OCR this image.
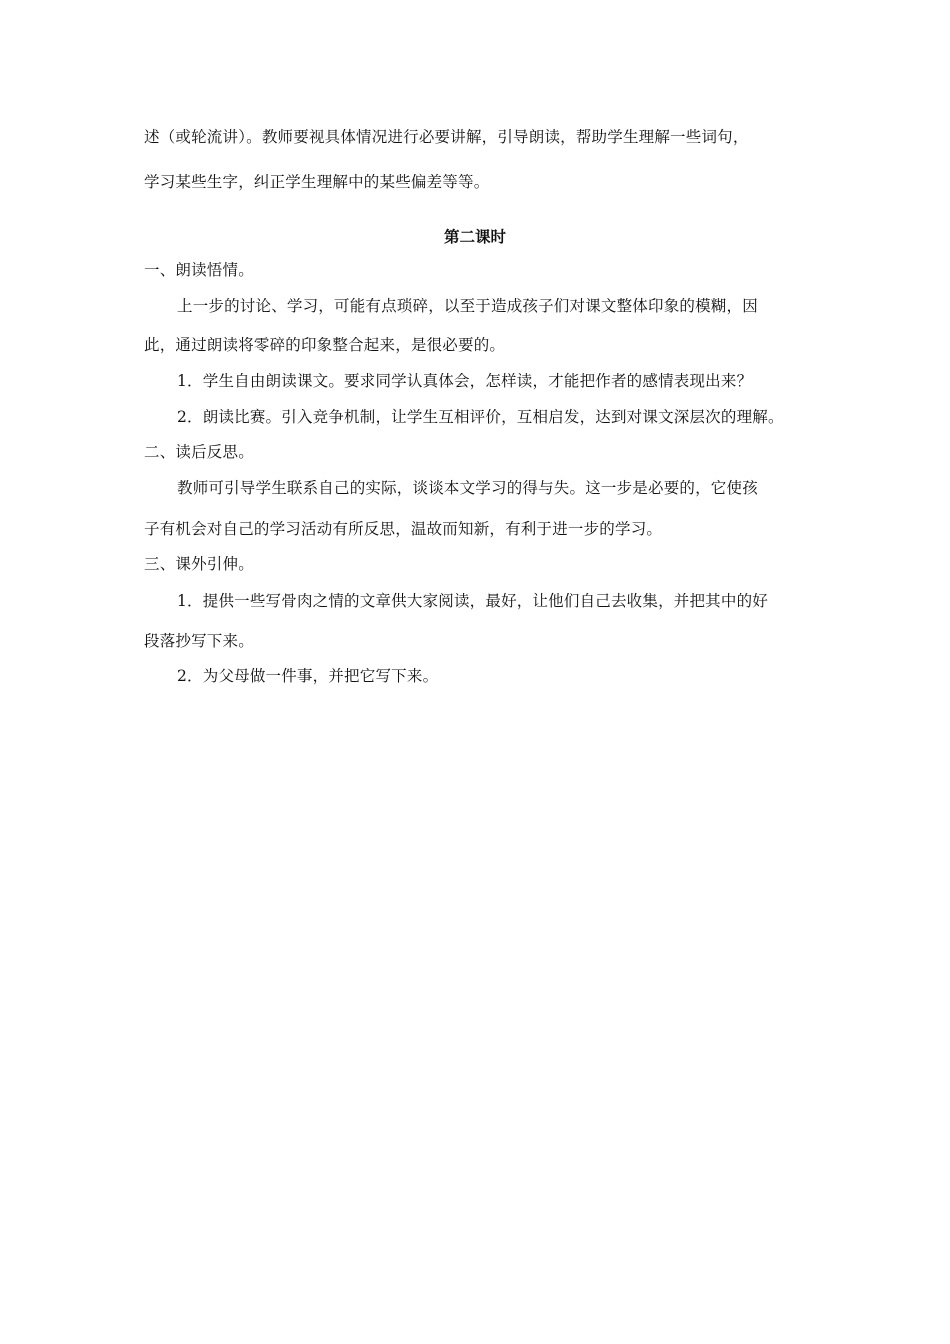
述（或轮流讲）。教师要视具体情况进行必要讲解，引导朗读，帮助学生理解一些词句，
学习某些生字，纠正学生理解中的某些偏差等等。
第二课时
一、朗读悟情。
上一步的讨论、学习，可能有点琐碎，以至于造成孩子们对课文整体印象的模糊，因
此，通过朗读将零碎的印象整合起来，是很必要的。
1．学生自由朗读课文。要求同学认真体会，怎样读，才能把作者的感情表现出来？
2．朗读比赛。引入竞争机制，让学生互相评价，互相启发，达到对课文深层次的理解。
二、读后反思。
教师可引导学生联系自己的实际，谈谈本文学习的得与失。这一步是必要的，它使孩
子有机会对自己的学习活动有所反思，温故而知新，有利于进一步的学习。
三、课外引伸。
1．提供一些写骨肉之情的文章供大家阅读，最好，让他们自己去收集，并把其中的好
段落抄写下来。
2．为父母做一件事，并把它写下来。
